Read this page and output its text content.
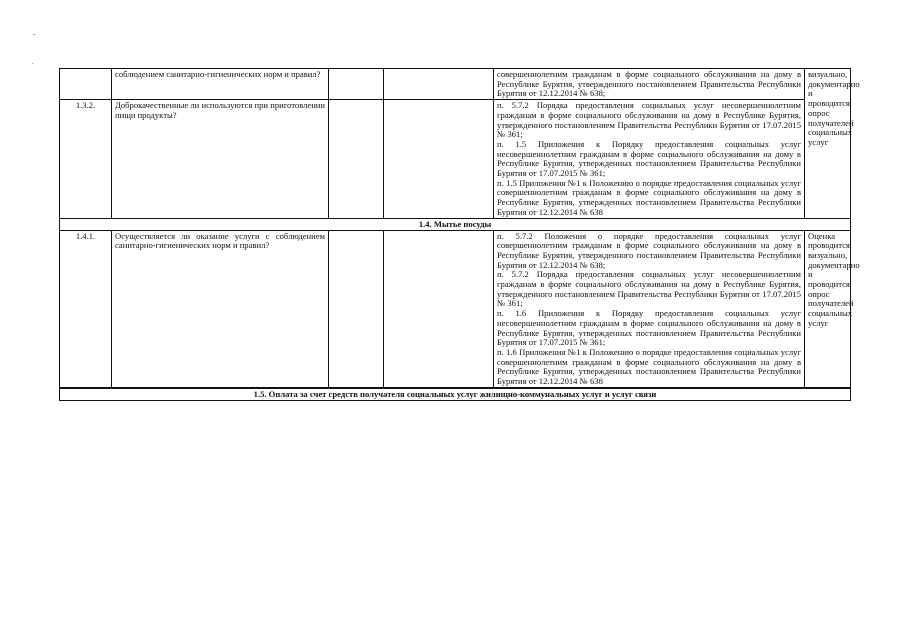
-
´
	соблюдением санитарно-гигиенических норм и правил?			совершеннолетним гражданам в форме социального обслуживания на дому в Республике Бурятия, утвержденного постановлением Правительства Республики Бурятия от 12.12.2014 № 638;	визуально, документарно и проводится опрос получателей социальных услуг
1.3.2.	Доброкачественные ли используются при приготовлении пищи продукты?			п. 5.7.2 Порядка предоставления социальных услуг несовершеннолетним гражданам в форме социального обслуживания на дому в Республике Бурятия, утвержденного постановлением Правительства Республики Бурятия от 17.07.2015 № 361;

п. 1.5 Приложения к Порядку предоставления социальных услуг несовершеннолетним гражданам в форме социального обслуживания на дому в Республике Бурятия, утвержденных постановлением Правительства Республики Бурятия от 17.07.2015 № 361;

п. 1.5 Приложения №1 к Положению о порядке предоставления социальных услуг совершеннолетним гражданам в форме социального обслуживания на дому в Республике Бурятия, утвержденных постановлением Правительства Республики Бурятия от 12.12.2014 № 638	

1.4. Мытье посуды					
1.4.1.	Осуществляется ли оказание услуги с соблюдением санитарно-гигиенических норм и правил?			п. 5.7.2 Положения о порядке предоставления социальных услуг совершеннолетним гражданам в форме социального обслуживания на дому в Республике Бурятия, утвержденного постановлением Правительства Республики Бурятия от 12.12.2014 № 638;

п. 5.7.2 Порядка предоставления социальных услуг несовершеннолетним гражданам в форме социального обслуживания на дому в Республике Бурятия, утвержденного постановлением Правительства Республики Бурятия от 17.07.2015 № 361;

п. 1.6 Приложения к Порядку предоставления социальных услуг несовершеннолетним гражданам в форме социального обслуживания на дому в Республике Бурятия, утвержденных постановлением Правительства Республики Бурятия от 17.07.2015 № 361;

п. 1.6 Приложения №1 к Положению о порядке предоставления социальных услуг совершеннолетним гражданам в форме социального обслуживания на дому в Республике Бурятия, утвержденных постановлением Правительства Республики Бурятия от 12.12.2014 № 638	Оценка проводится визуально, документарно и проводится опрос получателей социальных услуг
1.5. Оплата за счет средств получателя социальных услуг жилищно-коммунальных услуг и услуг связи					
